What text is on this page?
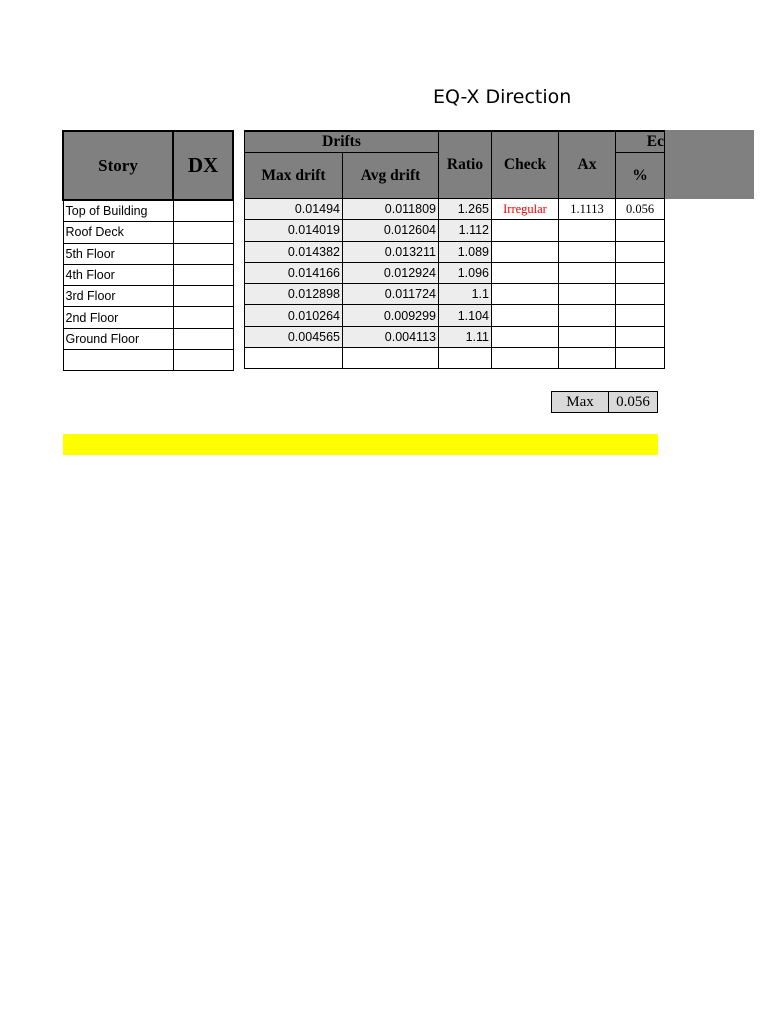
EQ-X Direction
Story	DX
Top of Building	
Roof Deck	
5th Floor	
4th Floor	
3rd Floor	
2nd Floor	
Ground Floor	

Drifts		Ratio	Check	Ax	Ec
Max drift	Avg drift				%
0.01494	0.011809	1.265	Irregular	1.1113	0.056
0.014019	0.012604	1.112			
0.014382	0.013211	1.089			
0.014166	0.012924	1.096			
0.012898	0.011724	1.1			
0.010264	0.009299	1.104			
0.004565	0.004113	1.11			

Max	0.056
